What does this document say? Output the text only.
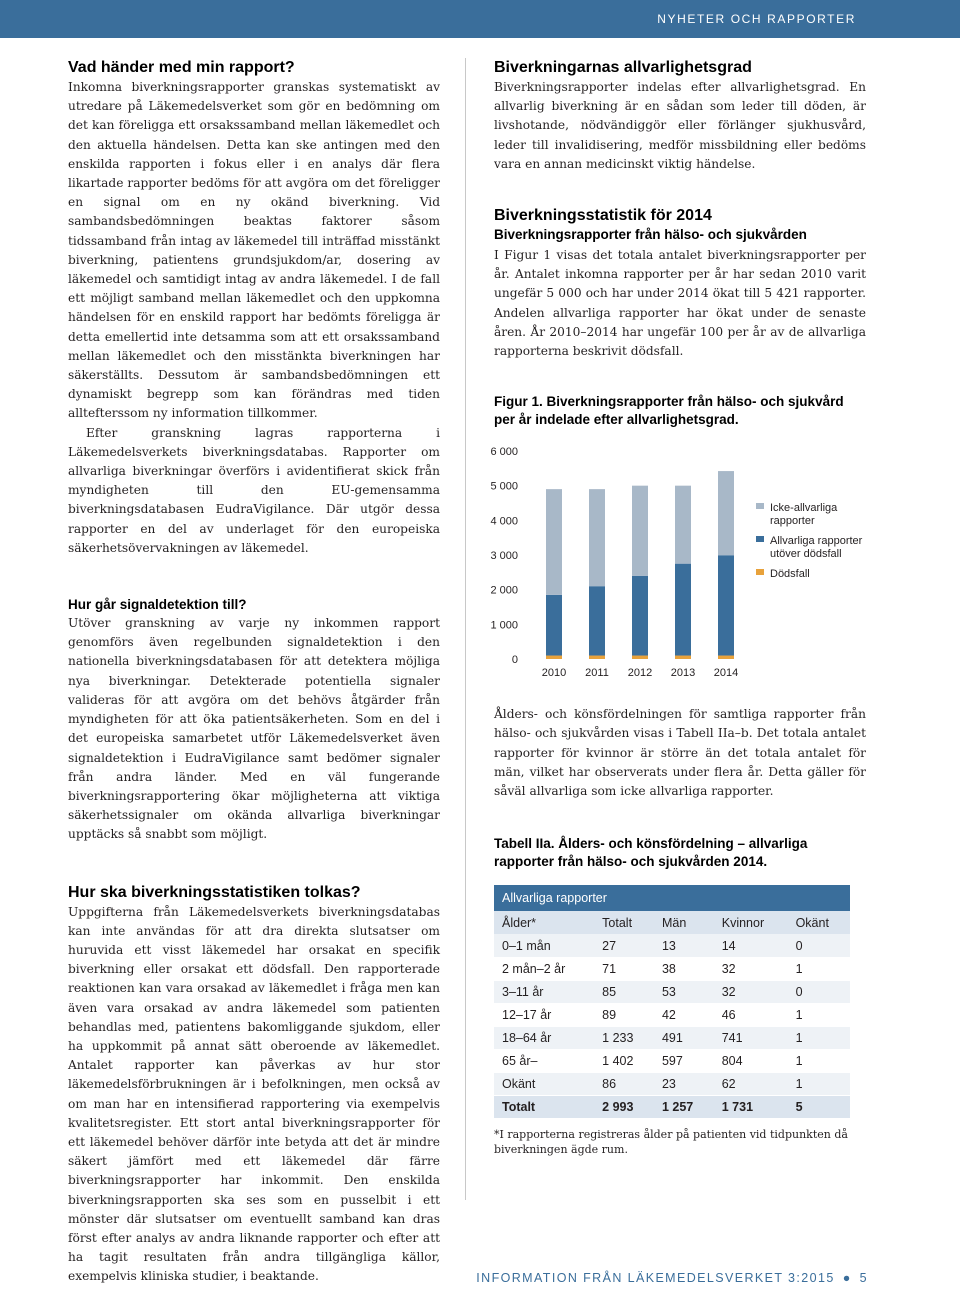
NYHETER OCH RAPPORTER
Vad händer med min rapport?

Inkomna biverkningsrapporter granskas systematiskt av utredare på Läkemedelsverket som gör en bedömning om det kan föreligga ett orsakssamband mellan läkemedlet och den aktuella händelsen. Detta kan ske antingen med den enskilda rapporten i fokus eller i en analys där flera likartade rapporter bedöms för att avgöra om det föreligger en signal om en ny okänd biverkning. Vid sambandsbedömningen beaktas faktorer såsom tidssamband från intag av läkemedel till inträffad misstänkt biverkning, patientens grundsjukdom/ar, dosering av läkemedel och samtidigt intag av andra läkemedel. I de fall ett möjligt samband mellan läkemedlet och den uppkomna händelsen för en enskild rapport har bedömts föreligga är detta emellertid inte detsamma som att ett orsakssamband mellan läkemedlet och den misstänkta biverkningen har säkerställts. Dessutom är sambandsbedömningen ett dynamiskt begrepp som kan förändras med tiden alltefterssom ny information tillkommer.

Efter granskning lagras rapporterna i Läkemedelsverkets biverkningsdatabas. Rapporter om allvarliga biverkningar överförs i avidentifierat skick från myndigheten till den EU-gemensamma biverkningsdatabasen EudraVigilance. Där utgör dessa rapporter en del av underlaget för den europeiska säkerhetsövervakningen av läkemedel.

Hur går signaldetektion till?

Utöver granskning av varje ny inkommen rapport genomförs även regelbunden signaldetektion i den nationella biverkningsdatabasen för att detektera möjliga nya biverkningar. Detekterade potentiella signaler valideras för att avgöra om det behövs åtgärder från myndigheten för att öka patientsäkerheten. Som en del i det europeiska samarbetet utför Läkemedelsverket även signaldetektion i EudraVigilance samt bedömer signaler från andra länder. Med en väl fungerande biverkningsrapportering ökar möjligheterna att viktiga säkerhetssignaler om okända allvarliga biverkningar upptäcks så snabbt som möjligt.

Hur ska biverkningsstatistiken tolkas?

Uppgifterna från Läkemedelsverkets biverkningsdatabas kan inte användas för att dra direkta slutsatser om huruvida ett visst läkemedel har orsakat en specifik biverkning eller orsakat ett dödsfall. Den rapporterade reaktionen kan vara orsakad av läkemedlet i fråga men kan även vara orsakad av andra läkemedel som patienten behandlas med, patientens bakomliggande sjukdom, eller ha uppkommit på annat sätt oberoende av läkemedlet. Antalet rapporter kan påverkas av hur stor läkemedelsförbrukningen är i befolkningen, men också av om man har en intensifierad rapportering via exempelvis kvalitetsregister. Ett stort antal biverkningsrapporter för ett läkemedel behöver därför inte betyda att det är mindre säkert jämfört med ett läkemedel där färre biverkningsrapporter har inkommit. Den enskilda biverkningsrapporten ska ses som en pusselbit i ett mönster där slutsatser om eventuellt samband kan dras först efter analys av andra liknande rapporter och efter att ha tagit resultaten från andra tillgängliga källor, exempelvis kliniska studier, i beaktande.

Biverkningarnas allvarlighetsgrad

Biverkningsrapporter indelas efter allvarlighetsgrad. En allvarlig biverkning är en sådan som leder till döden, är livshotande, nödvändiggör eller förlänger sjukhusvård, leder till invalidisering, medför missbildning eller bedöms vara en annan medicinskt viktig händelse.

Biverkningsstatistik för 2014
Biverkningsrapporter från hälso- och sjukvården

I Figur 1 visas det totala antalet biverkningsrapporter per år. Antalet inkomna rapporter per år har sedan 2010 varit ungefär 5 000 och har under 2014 ökat till 5 421 rapporter. Andelen allvarliga rapporter har ökat under de senaste åren. År 2010–2014 har ungefär 100 per år av de allvarliga rapporterna beskrivit dödsfall.

Figur 1. Biverkningsrapporter från hälso- och sjukvård per år indelade efter allvarlighetsgrad.
0
1 000
2 000
3 000
4 000
5 000
6 000
2010 2011 2012 2013 2014
Icke-allvarliga rapporter
Allvarliga rapporter utöver dödsfall
Dödsfall

Ålders- och könsfördelningen för samtliga rapporter från hälso- och sjukvården visas i Tabell IIa–b. Det totala antalet rapporter för kvinnor är större än det totala antalet för män, vilket har observerats under flera år. Detta gäller för såväl allvarliga som icke allvarliga rapporter.

Tabell IIa. Ålders- och könsfördelning – allvarliga rapporter från hälso- och sjukvården 2014.
Allvarliga rapporter				
Ålder*	Totalt	Män	Kvinnor	Okänt
0–1 mån	27	13	14	0
2 mån–2 år	71	38	32	1
3–11 år	85	53	32	0
12–17 år	89	42	46	1
18–64 år	1 233	491	741	1
65 år–	1 402	597	804	1
Okänt	86	23	62	1
Totalt	2 993	1 257	1 731	5

*I rapporterna registreras ålder på patienten vid tidpunkten då biverkningen ägde rum.

INFORMATION FRÅN LÄKEMEDELSVERKET 3:2015 ● 5
